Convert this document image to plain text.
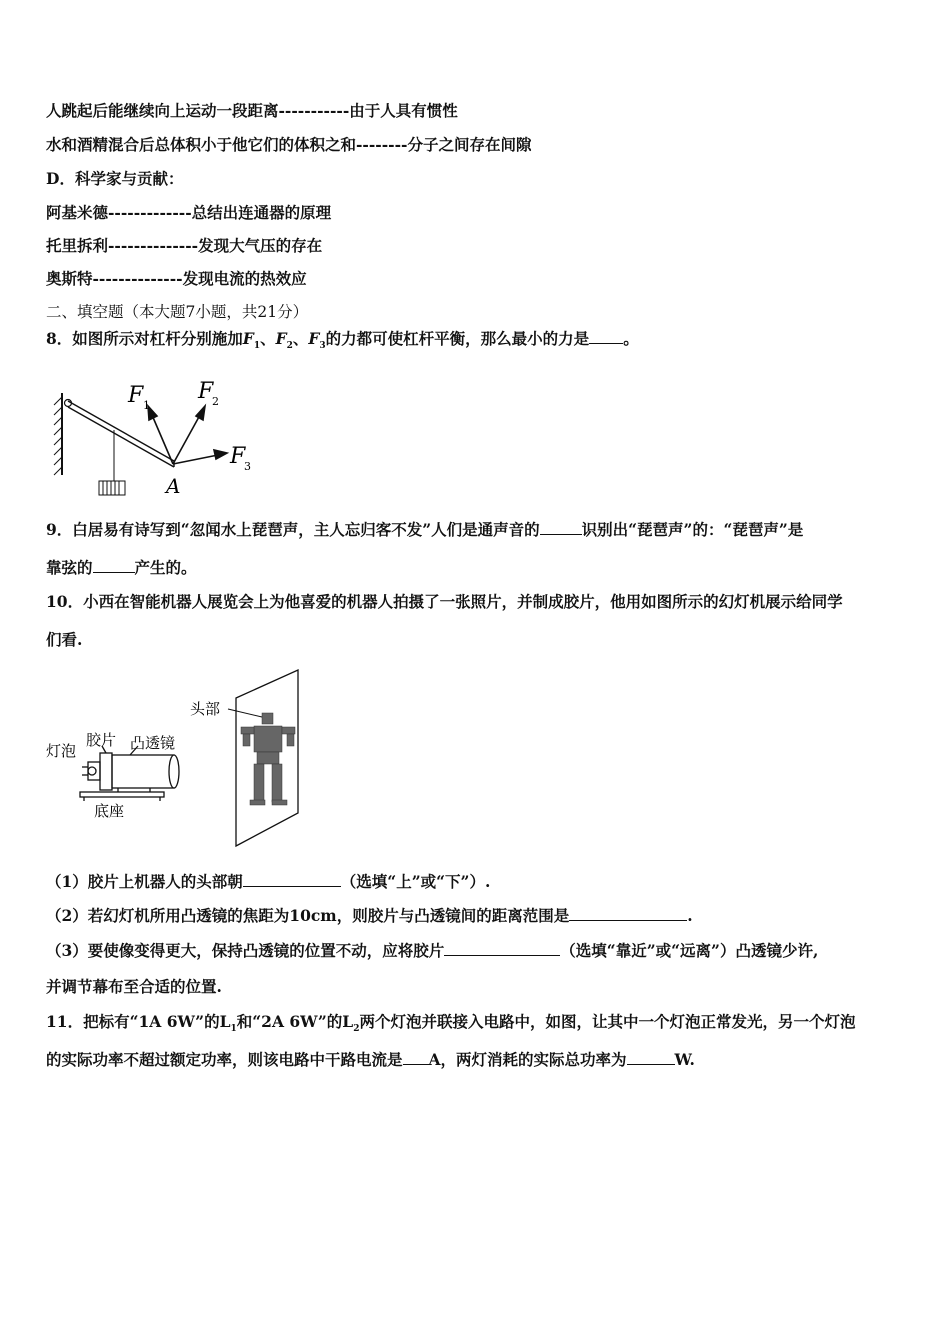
人跳起后能继续向上运动一段距离-----------由于人具有惯性
水和酒精混合后总体积小于他它们的体积之和--------分子之间存在间隙
D．科学家与贡献：
阿基米德-------------总结出连通器的原理
托里拆利--------------发现大气压的存在
奥斯特--------------发现电流的热效应
二、填空题（本大题7小题，共21分）
8．如图所示对杠杆分别施加$F_1$、$F_2$、$F_3$的力都可使杠杆平衡，那么最小的力是 。
F 1
F
2
F
3
A
9．白居易有诗写到“忽闻水上琵琶声，主人忘归客不发”人们是通声音的	识别出“琵琶声”的：“琵琶声”是
靠弦的	产生的。
10．小西在智能机器人展览会上为他喜爱的机器人拍摄了一张照片，并制成胶片，他用如图所示的幻灯机展示给同学
们看.
头部
胶片 凸透镜
灯泡
底座
（1）胶片上机器人的头部朝	（选填“上”或“下”）.
（2）若幻灯机所用凸透镜的焦距为10cm，则胶片与凸透镜间的距离范围是	.
（3）要使像变得更大，保持凸透镜的位置不动，应将胶片	（选填“靠近”或“远离”）凸透镜少许,
并调节幕布至合适的位置.
11．把标有“1A 6W”的$L_1$和“2A 6W”的$L_2$两个灯泡并联接入电路中，如图，让其中一个灯泡正常发光，另一个灯泡
的实际功率不超过额定功率，则该电路中干路电流是 A，两灯消耗的实际总功率为	W.
